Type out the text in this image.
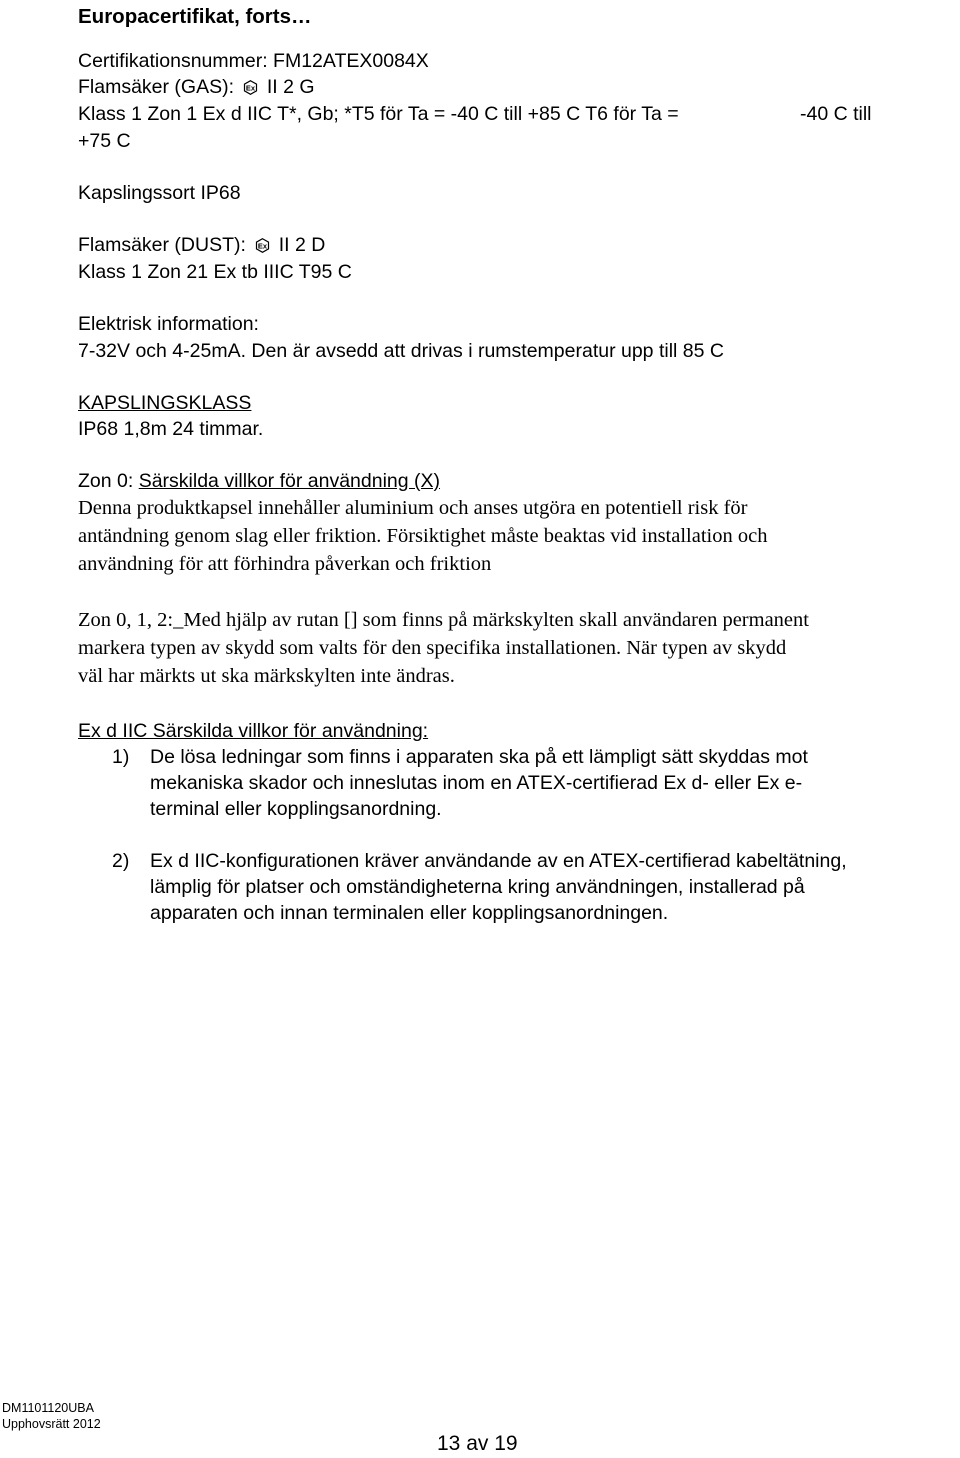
Europacertifikat, forts…
Certifikationsnummer: FM12ATEX0084X
Flamsäker (GAS): Ex II 2 G
Klass 1 Zon 1 Ex d IIC T*, Gb; *T5 för Ta = -40 C till +85 C T6 för Ta =	-40 C till
+75 C
Kapslingssort IP68
Flamsäker (DUST): Ex II 2 D
Klass 1 Zon 21 Ex tb IIIC T95 C
Elektrisk information:
7-32V och 4-25mA. Den är avsedd att drivas i rumstemperatur upp till 85 C
KAPSLINGSKLASS
IP68 1,8m 24 timmar.
Zon 0: Särskilda villkor för användning (X)
Denna produktkapsel innehåller aluminium och anses utgöra en potentiell risk för
antändning genom slag eller friktion. Försiktighet måste beaktas vid installation och
användning för att förhindra påverkan och friktion
Zon 0, 1, 2:_Med hjälp av rutan [] som finns på märkskylten skall användaren permanent
markera typen av skydd som valts för den specifika installationen. När typen av skydd
väl har märkts ut ska märkskylten inte ändras.
Ex d IIC Särskilda villkor för användning:
1) De lösa ledningar som finns i apparaten ska på ett lämpligt sätt skyddas mot
mekaniska skador och inneslutas inom en ATEX-certifierad Ex d- eller Ex e-
terminal eller kopplingsanordning.
2) Ex d IIC-konfigurationen kräver användande av en ATEX-certifierad kabeltätning,
lämplig för platser och omständigheterna kring användningen, installerad på
apparaten och innan terminalen eller kopplingsanordningen.
DM1101120UBA
Upphovsrätt 2012
13 av 19
